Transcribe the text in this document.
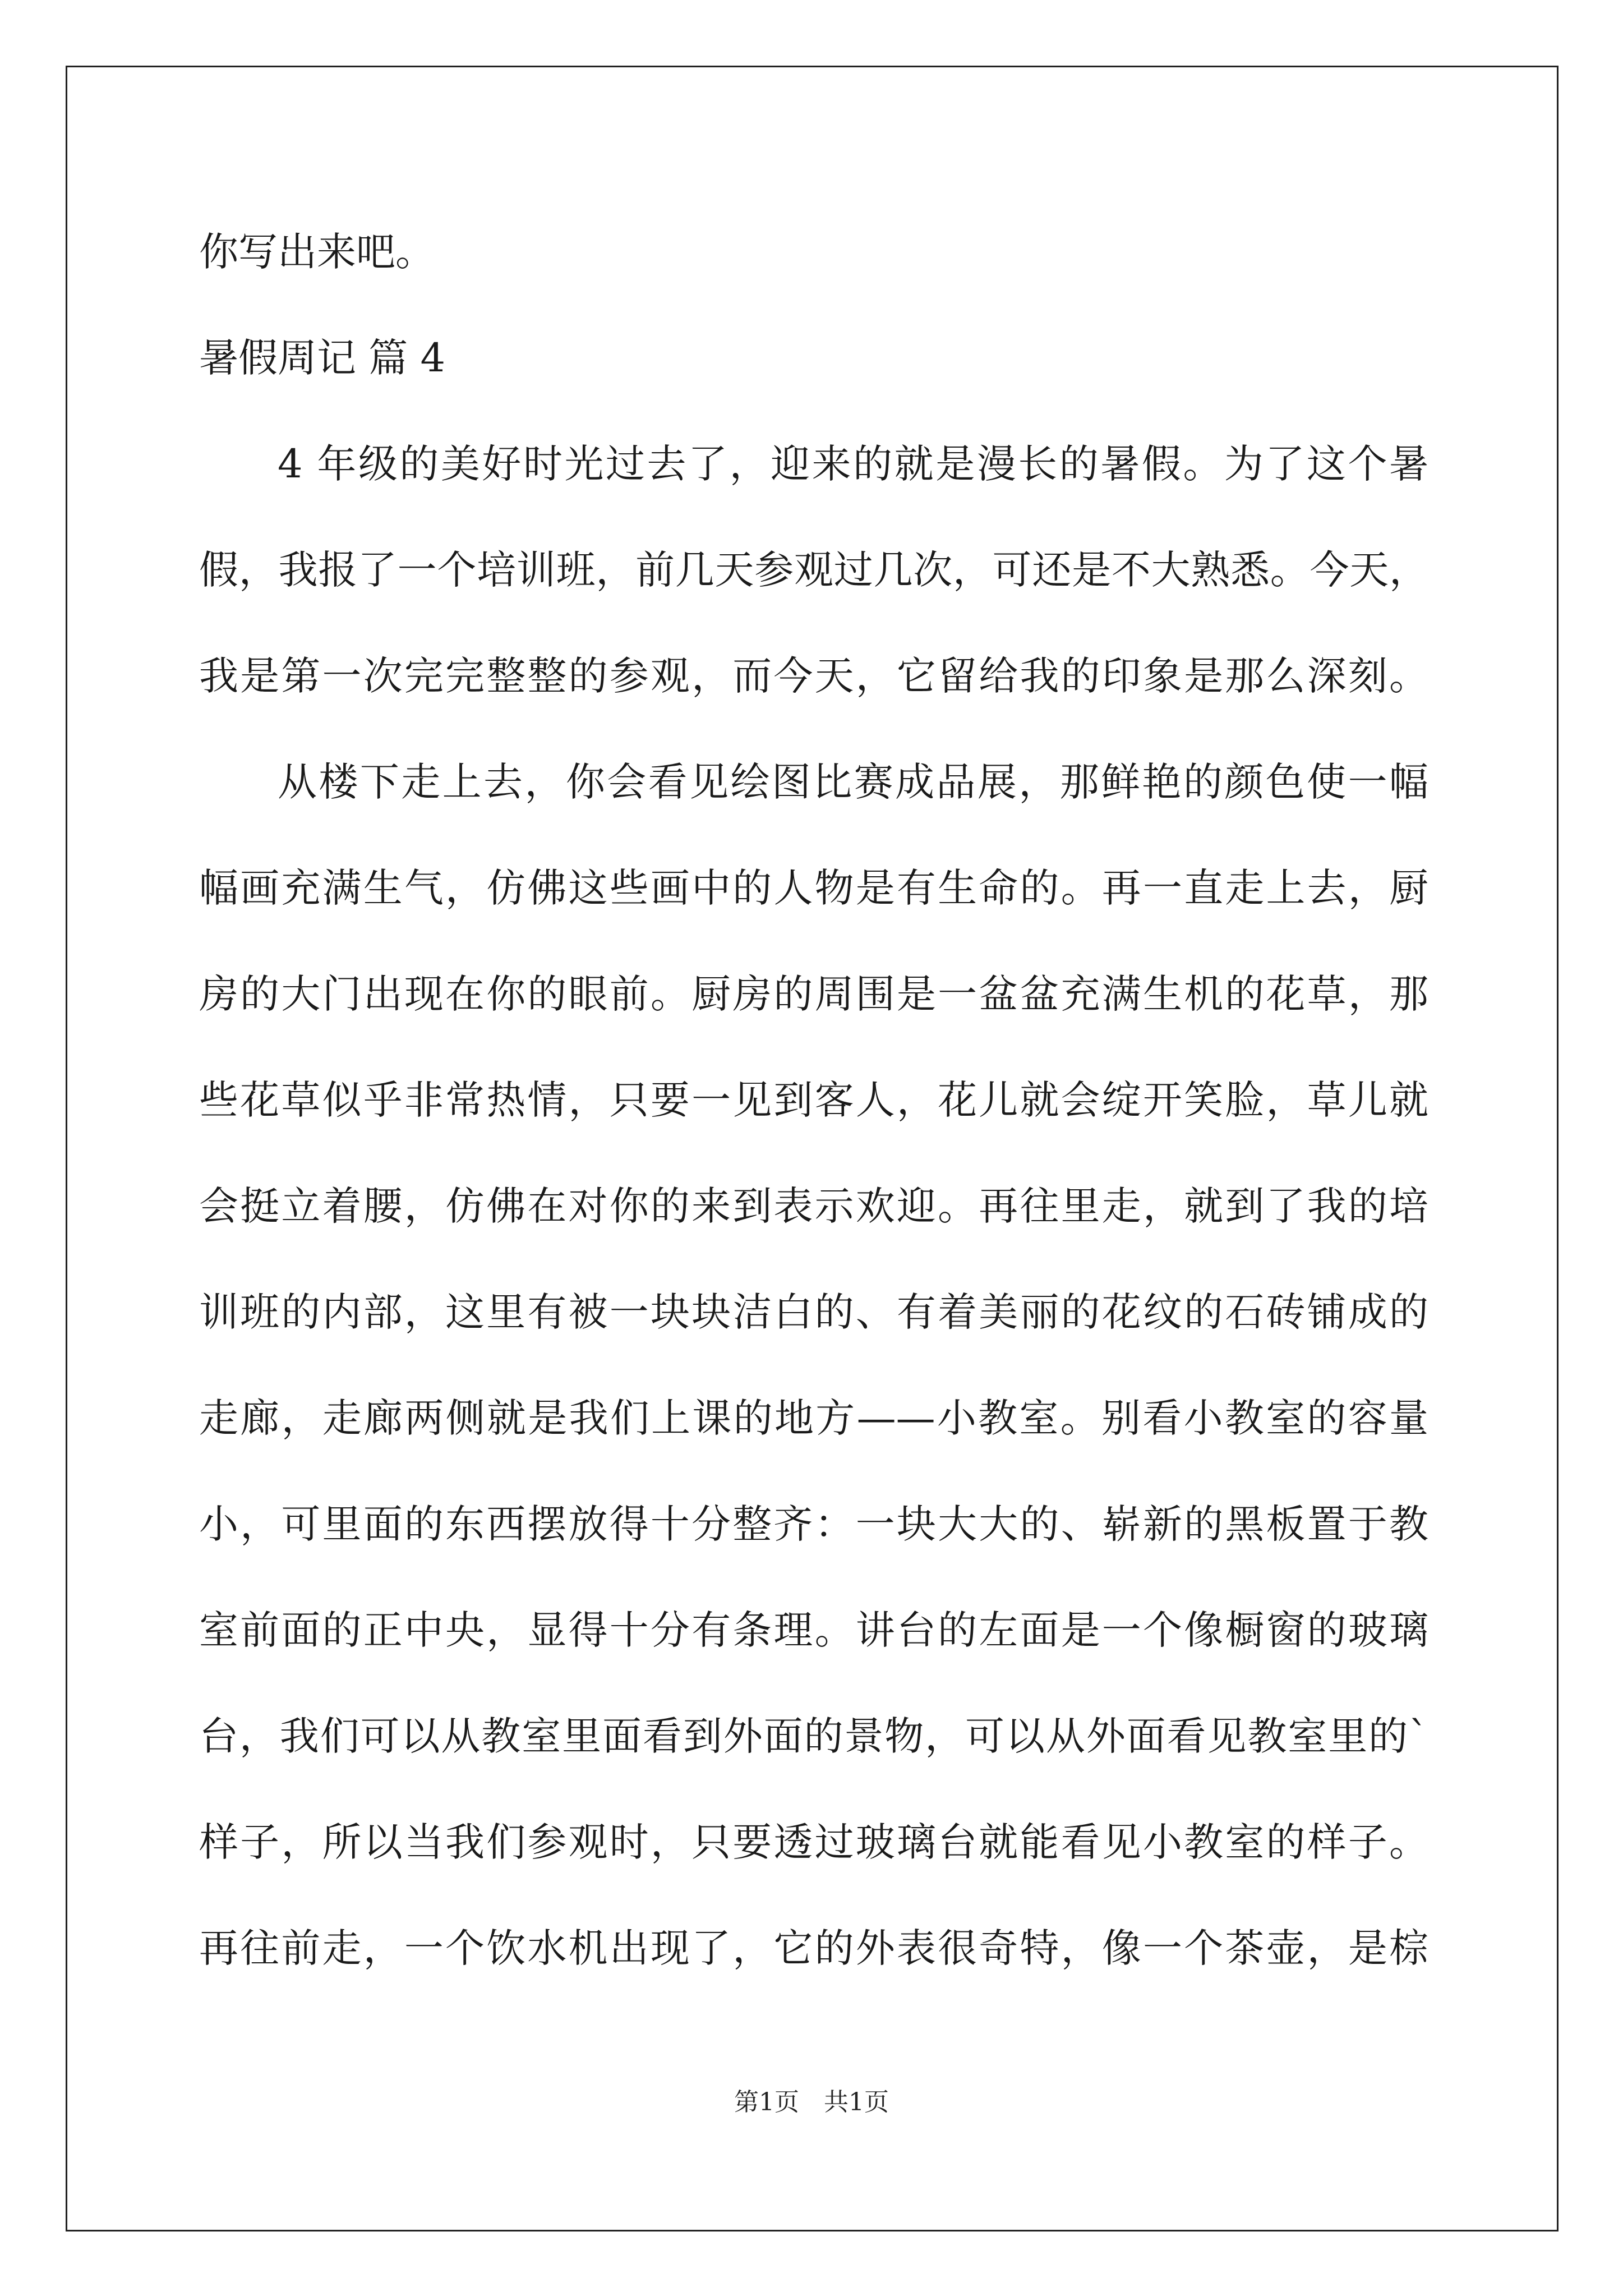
你写出来吧。
暑假周记 篇 4
4 年级的美好时光过去了，迎来的就是漫长的暑假。为了这个暑
假，我报了一个培训班，前几天参观过几次，可还是不大熟悉。今天，
我是第一次完完整整的参观，而今天，它留给我的印象是那么深刻。
从楼下走上去，你会看见绘图比赛成品展，那鲜艳的颜色使一幅
幅画充满生气，仿佛这些画中的人物是有生命的。再一直走上去，厨
房的大门出现在你的眼前。厨房的周围是一盆盆充满生机的花草，那
些花草似乎非常热情，只要一见到客人，花儿就会绽开笑脸，草儿就
会挺立着腰，仿佛在对你的来到表示欢迎。再往里走，就到了我的培
训班的内部，这里有被一块块洁白的、有着美丽的花纹的石砖铺成的
走廊，走廊两侧就是我们上课的地方——小教室。别看小教室的容量
小，可里面的东西摆放得十分整齐：一块大大的、崭新的黑板置于教
室前面的正中央，显得十分有条理。讲台的左面是一个像橱窗的玻璃
台，我们可以从教室里面看到外面的景物，可以从外面看见教室里的`
样子，所以当我们参观时，只要透过玻璃台就能看见小教室的样子。
再往前走，一个饮水机出现了，它的外表很奇特，像一个茶壶，是棕
第1页　共1页
